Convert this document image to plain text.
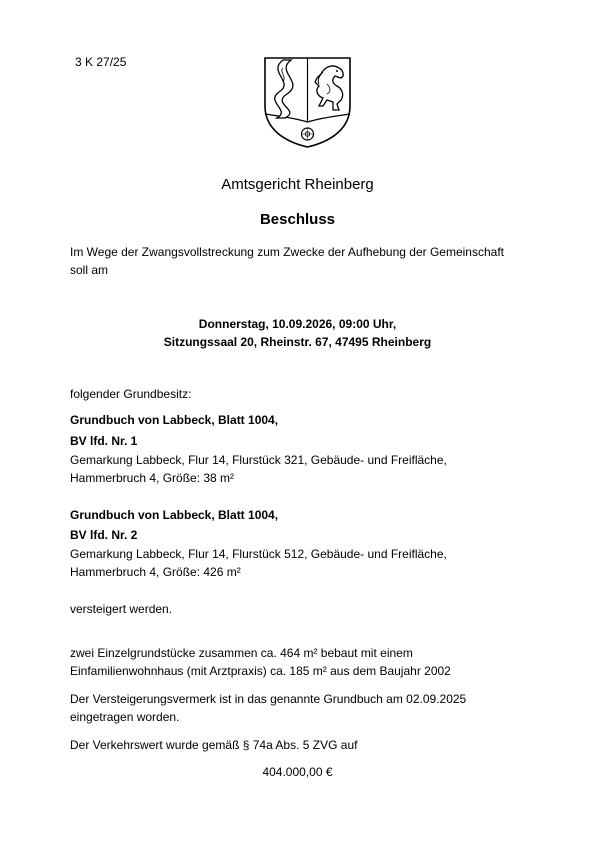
3 K 27/25
Amtsgericht Rheinberg
Beschluss
Im Wege der Zwangsvollstreckung zum Zwecke der Aufhebung der Gemeinschaft
soll am
Donnerstag, 10.09.2026, 09:00 Uhr,
Sitzungssaal 20, Rheinstr. 67, 47495 Rheinberg
folgender Grundbesitz:
Grundbuch von Labbeck, Blatt 1004,
BV lfd. Nr. 1
Gemarkung Labbeck, Flur 14, Flurstück 321, Gebäude- und Freifläche,
Hammerbruch 4, Größe: 38 m²
Grundbuch von Labbeck, Blatt 1004,
BV lfd. Nr. 2
Gemarkung Labbeck, Flur 14, Flurstück 512, Gebäude- und Freifläche,
Hammerbruch 4, Größe: 426 m²
versteigert werden.
zwei Einzelgrundstücke zusammen ca. 464 m² bebaut mit einem
Einfamilienwohnhaus (mit Arztpraxis) ca. 185 m² aus dem Baujahr 2002
Der Versteigerungsvermerk ist in das genannte Grundbuch am 02.09.2025
eingetragen worden.
Der Verkehrswert wurde gemäß § 74a Abs. 5 ZVG auf
404.000,00 €
